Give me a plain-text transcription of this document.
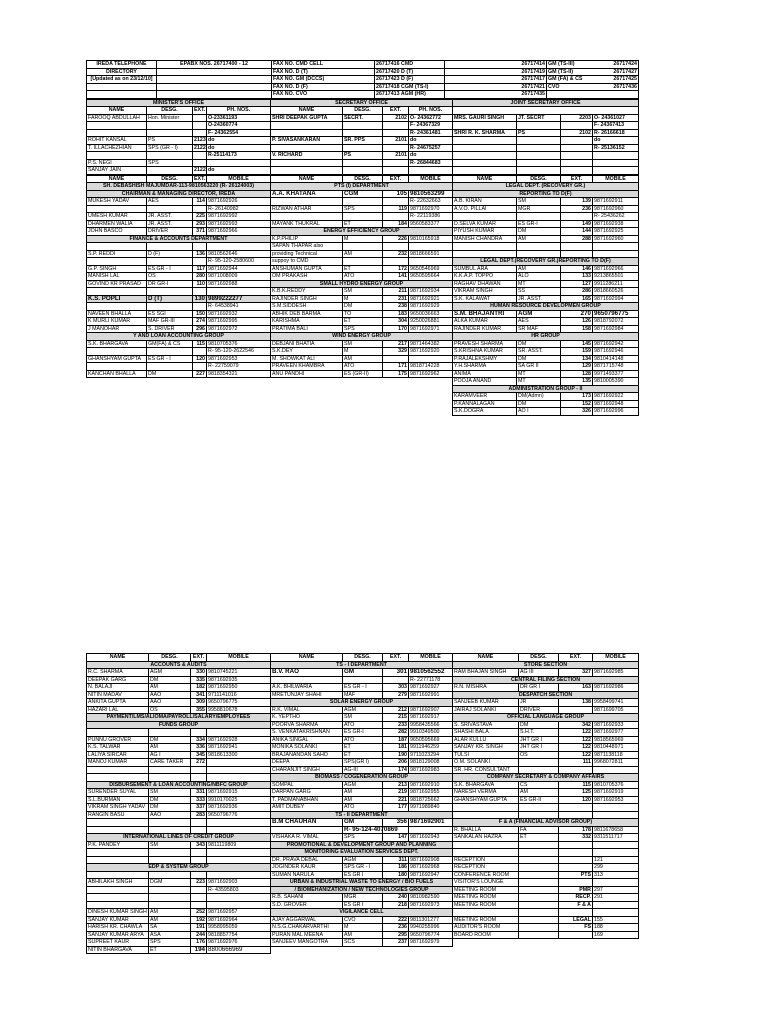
IREDA TELEPHONE	EPABX NOS. 26717400 - 12	FAX NO. CMD CELL	26717416 CMD	26717414	GM (TS-III) 26717424

DIRECTORY		FAX NO. D (T)	26717420 D (T)	26717419	GM (TS-II) 26717427

[Updated as on 23/12/10]		FAX NO. GM (DCCS)	26717423 D (F)	26717417	GM (FA) & CS 26717425

		FAX NO. D (F)	26717418 CGM (TS-I)	26717421	CVO 26717436

		FAX NO. CVO	26717413 AGM (HR)	26717435	
MINISTER'S OFFICE				SECRETARY OFFICE				JOINT SECRETARY OFFICE			
NAME	DESG.	EXT.	PH. NOS.	NAME	DESG.	EXT.	PH. NOS.				
FAROOQ ABDULLAH	Hon. Minister		O-23361193	SHRI DEEPAK GUPTA	SECRT.	2102	O- 24362772	MRS. GAURI SINGH	JT. SECRT	2203	O- 24361027
			O-24360774				F- 24367329				F- 24367413
			F- 24362554				R- 24361481	SHRI R. K. SHARMA	PS	2102	R- 26166618
ROHIT KANSAL	PS	2123	do	P. SIVASANKARAN	SR. PPS	2101	do				do
T. ILLACHEZHIAN	SPS (GR - I)	2122	do				R- 24675257				R- 25136152
			R-25114173	V. RICHARD	PS	2101	do				
P.S. NEGI	SPS						R- 26844683				
SANJAY JAIN		2122	do								
NAME	DESG.	EXT.	MOBILE	NAME	DESG.	EXT.	MOBILE	NAME	DESG.	EXT.	MOBILE
SH. DEBASHISH MAJUMDAR-113-9810563220 (R- 26124003)				PTS (I) DEPARTMENT				LEGAL DEPT. (RECOVERY GR.)			
CHAIRMAN & MANAGING DIRECTOR, IREDA				A.A. KHATANA	CGM	105	9810563299	REPORTING TO D(F)			
MUKESH YADAV	AES	114	9871692926				R- 22632663	A.B. KIRAN	SM	139	9871692911
			R- 26140982	RIZWAN ATHAR	SPS	119	9871692970	A.V.O. PILLAI	MGR	236	9871692960
UMESH KUMAR	JR. ASST.	225	9871692992				R- 22119386				R- 25436262
DHARMEN WALIA	JR. ASST.	293	9871692993	MAYANK THUKRAL	ET	184	9560583377	D.SELVA KUMAR	ES GR-I	149	9871692938
JOHN BASCO	DRIVER	371	9871692966	ENERGY EFFICIENCY GROUP				PIYUSH KUMAR	DM	144	9871692925
FINANCE & ACCOUNTS DEPARTMENT				K.P.PHILIP	M	226	9810165918	MANISH CHANDRA	AM	288	9871692960
				SAPAN THAPAR also							
S.P. REDDI	D (F)	136	9810562646	providing Technical	AM	232	9818666591				
			R- 95-120-2580600	suppoy to CMD				LEGAL DEPT.(RECOVERY GR.)REPORTING TO D(F)			
G.P. SINGH	ES GR - I	117	9871692944	ANSHUMAN GUPTA	ET	172	9650546969	SUMBUL ARA	AM	146	9871692966
MANISH LAL	OS	280	9871008009	OM PRAKASH	ATO	141	9650595664	K.K.A.P. TOPPO	ALO	133	9213865501
GOVIND KR PRASAD	DR GR-I	110	9871692988	SMALL HYDRO ENERGY GROUP				RAGHAV DHAWAN	MT	127	9911286211
				K.B.K.REDDY	SM	211	9871692934	VIKRAM SINGH	SS	286	9818660526
K.S. POPLI	D (T)	130	9899222277	RAJINDER SINGH	M	231	9871692921	S.K. KALAWAT	JR. ASST.	165	9871692994
			R- 64538941	S.M.SIDDESH	DM	238	9871692929	HUMAN RESOURCE DEVELOPMEN GROUP			
NAVEEN BHALLA	ES SGI	150	9871692932	ABHIK DEB BARMA	TO	183	9650036663	S.M. BHAJANTRI	AGM	270	9650796775
K MURLI KUMAR	MAF GR-III	274	9871692995	KARISHMA	ET	304	9250026881	ALKA KUMAR	AES	126	9818792072
J MANOHAR	S. DRIVER	296	9871692972	PRATIMA BALI	SPS	170	9871692971	RAJINDER KUMAR	SR MAF	158	9871692984
Y AND LOAN ACCOUNTING GROUP				WIND ENERGY GROUP				HR GROUP			
S.K. BHARGAVA	GM(FA) & CS	115	9810705376	DEBJANI BHATIA	SM	217	9871464382	PRAVESH SHARMA	DM	145	9871692942
			R- 95-120-2622546	S.K.DEY	M	329	9871692920	S.KRISHNA KUMAR	SR. ASST.	159	9871692946
GHANSHYAM GUPTA	ES GR - I	120	9871692953	M. SHOWKAT ALI	AM			P.RAJALEKSHMY	DM	134	9810414148
			R- 22759079	PRAVEEN KHAMBRA	ATO	171	9818714228	Y.H.SHARMA	SA GR II	129	9871715748
KANCHAN BHALLA	DM	227	9818354321	ANU PANDHI	ES (GR-II)	175	9871692962	ANIMA	MT	128	9971493377
								POOJA ANAND	MT	135	9810005390
								ADMINISTRATION GROUP - II			
								KARAMVEER	DM(Admn)	173	9871692922
								P.KANNALAGAN	DM	152	9871692948
								S.K.DOGRA	AO I	326	9871692996
NAME	DESG.	EXT.	MOBILE	NAME	DESG.	EXT.	MOBILE	NAME	DESG.	EXT.	MOBILE
ACCOUNTS & AUDITS				TS - I DEPARTMENT				STORE SECTION			
R.C. SHARMA	AGM	330	9810745221	B.V. RAO	GM	301	9810562552	RAM BHAJAN SINGH	AG III	327	9871692985
DEEPAK GARG	DM	335	9871692935				R- 22771178	CENTRAL FILING SECTION			
N. BALAJI	AM	182	9871692950	A.K. BHILWARIA	ES GR - I	303	9871692927	R.N. MISHRA	DR GR I	163	9871692986
NITIN MADAV	AAO	341	9711141016	MRETUNJAY SHAHI	MAF	279	9871692991	DESPATCH SECTION			
ANKITA GUPTA	AAO	309	9650796775	SOLAR ENERGY GROUP				SANJEEB KUMAR	JR	138	9958499741
HAZARI LAL	OS	355	9958810678	R.K. VIMAL	AGM	212	9871692907	JAIRAJ SOLANKI	DRIVER		9871699705
PAYMENT/LMS/ALIOMA/PAYROLL/SALARY/EMPLOYEES				K. YEPTHO	SM	215	9871692917	OFFICIAL LANGUAGE GROUP			
FUNDS GROUP				POORVA SHARMA	ATO	233	9958435566	S. SRIVASTAVA	DM	342	9871692933
				S. VENKATAKRISHNAN	ES GR-I	282	9910349500	SHASHI BALA	S.H.T.	122	9871692977
PUNNU GROVER	DM	334	9871692928	ANIKA SINGAL	ATO	187	9650595669	ALAR KULLU	JHT GR I	122	9818565969
K.S. TALWAR	AM	336	9871692941	MONIKA SOLANKI	ET	181	9911946259	SANJAY KR. SINGH	JHT GR I	122	9810448971
LALIYA SIRCAR	AG I	345	9818613300	BRAJANANDAN SAHO	ET	190	9711023294	TULSI	OS	122	9871138118
MANOJ KUMAR	CARE TAKER	272		DEEPA	SPS(GR I)	206	9818129008	O.M. SOLANKI		111	9968072811
				CHARANJIT SINGH	AG-III	174	9871692983	SR. HR. CONSULTANT			
				BIOMASS / COGENERATION GROUP				COMPANY SECRETARY & COMPANY AFFAIRS			
DISBURSEMENT & LOAN ACCOUNTING/NBFC GROUP				SOMPAL	AGM	213	9871692910	S.K. BHARGAVA	CS	115	9810705376
SURENDER SUYAL	SM	331	9871692915	DARPAN GARG	AM	219	9871692955	NARESH VERMA	AM	125	9871692919
S.L.BURMAN	DM	333	9910170025	T. PADMANABHAN	AM	221	9818725662	GHANSHYAM GUPTA	ES GR-II	120	9871692953
VIKRAM SINGH YADAV	DM	337	9871692936	AMIT DUBEY	ATO	177	9971989840				
RANGIN BASU	AAO	283	9650796776	TS - II DEPARTMENT							
				B.M CHAUHAN	GM	356	9871692901	F & A (FINANCIAL ADVISOR GROUP)			
					R- 95-124-4070869			R. BHALLA	FA	178	9811678658
INTERNATIONAL LINES OF CREDIT GROUP				VISHAKA R. VIMAL	SPS	147	9871692943	SANKALAN HAZRA	ET	332	9311511717
P.K. PANDEY	SM	343	9811119809	PROMOTIONAL & DEVELOPMENT GROUP AND PLANNING							
				MONITORING EVALUATION SERVICES DEPT.							
				DR. PRAVA DEBAL	AGM	311	9871692908	RECEPTION			121
EDP & SYSTEM GROUP				JOGINDER KAUR	SPS GR - I	186	9871692968	RECEPTION			299
				SUMAN NARULA	ES GR I	180	9871692947	CONFERENCE ROOM		PTS	313
ABHILAKH SINGH	DGM	223	9871692903	URBAN & INDUSTRIAL WASTE TO ENERGY / BIO FUELS				VISITOR'S LOUNGE			
			R- 43595803	/ BIOMEHANIZATION / NEW TECHNOLOGIES GROUP				MEETING ROOM		PMR	297
				R.B. SAHANI	MGR	240	9810982590	MEETING ROOM		RECP.	291
				S.D. GROVER	ES GR I	218	9871692973	MEETING ROOM		F & A	
DINESH KUMAR SINGH	AM	252	9871692957	VIGILANCE CELL							
SANJAY KUMAR	AM	192	9871692964	AJAY AGGARWAL	CVO	222	9811301277	MEETING ROOM		LEGAL	155
HARISH KR. CHAWLA	SA	191	9958995059	N.S.G.CHAKARVARTHI	M	236	9940255996	AUDITOR'S ROOM		FS	188
SANJAY KUMAR ARYA	ASA	244	9818857754	PURAN MAL MEENA	AM	295	9650796774	BOARD ROOM			169
SUPREET KAUR	SPS	176	9871692976	SANJEEV MANGOTRA	SCS	237	9871692979				
NITIN BHARGAVA	ET	194	8800666969								
